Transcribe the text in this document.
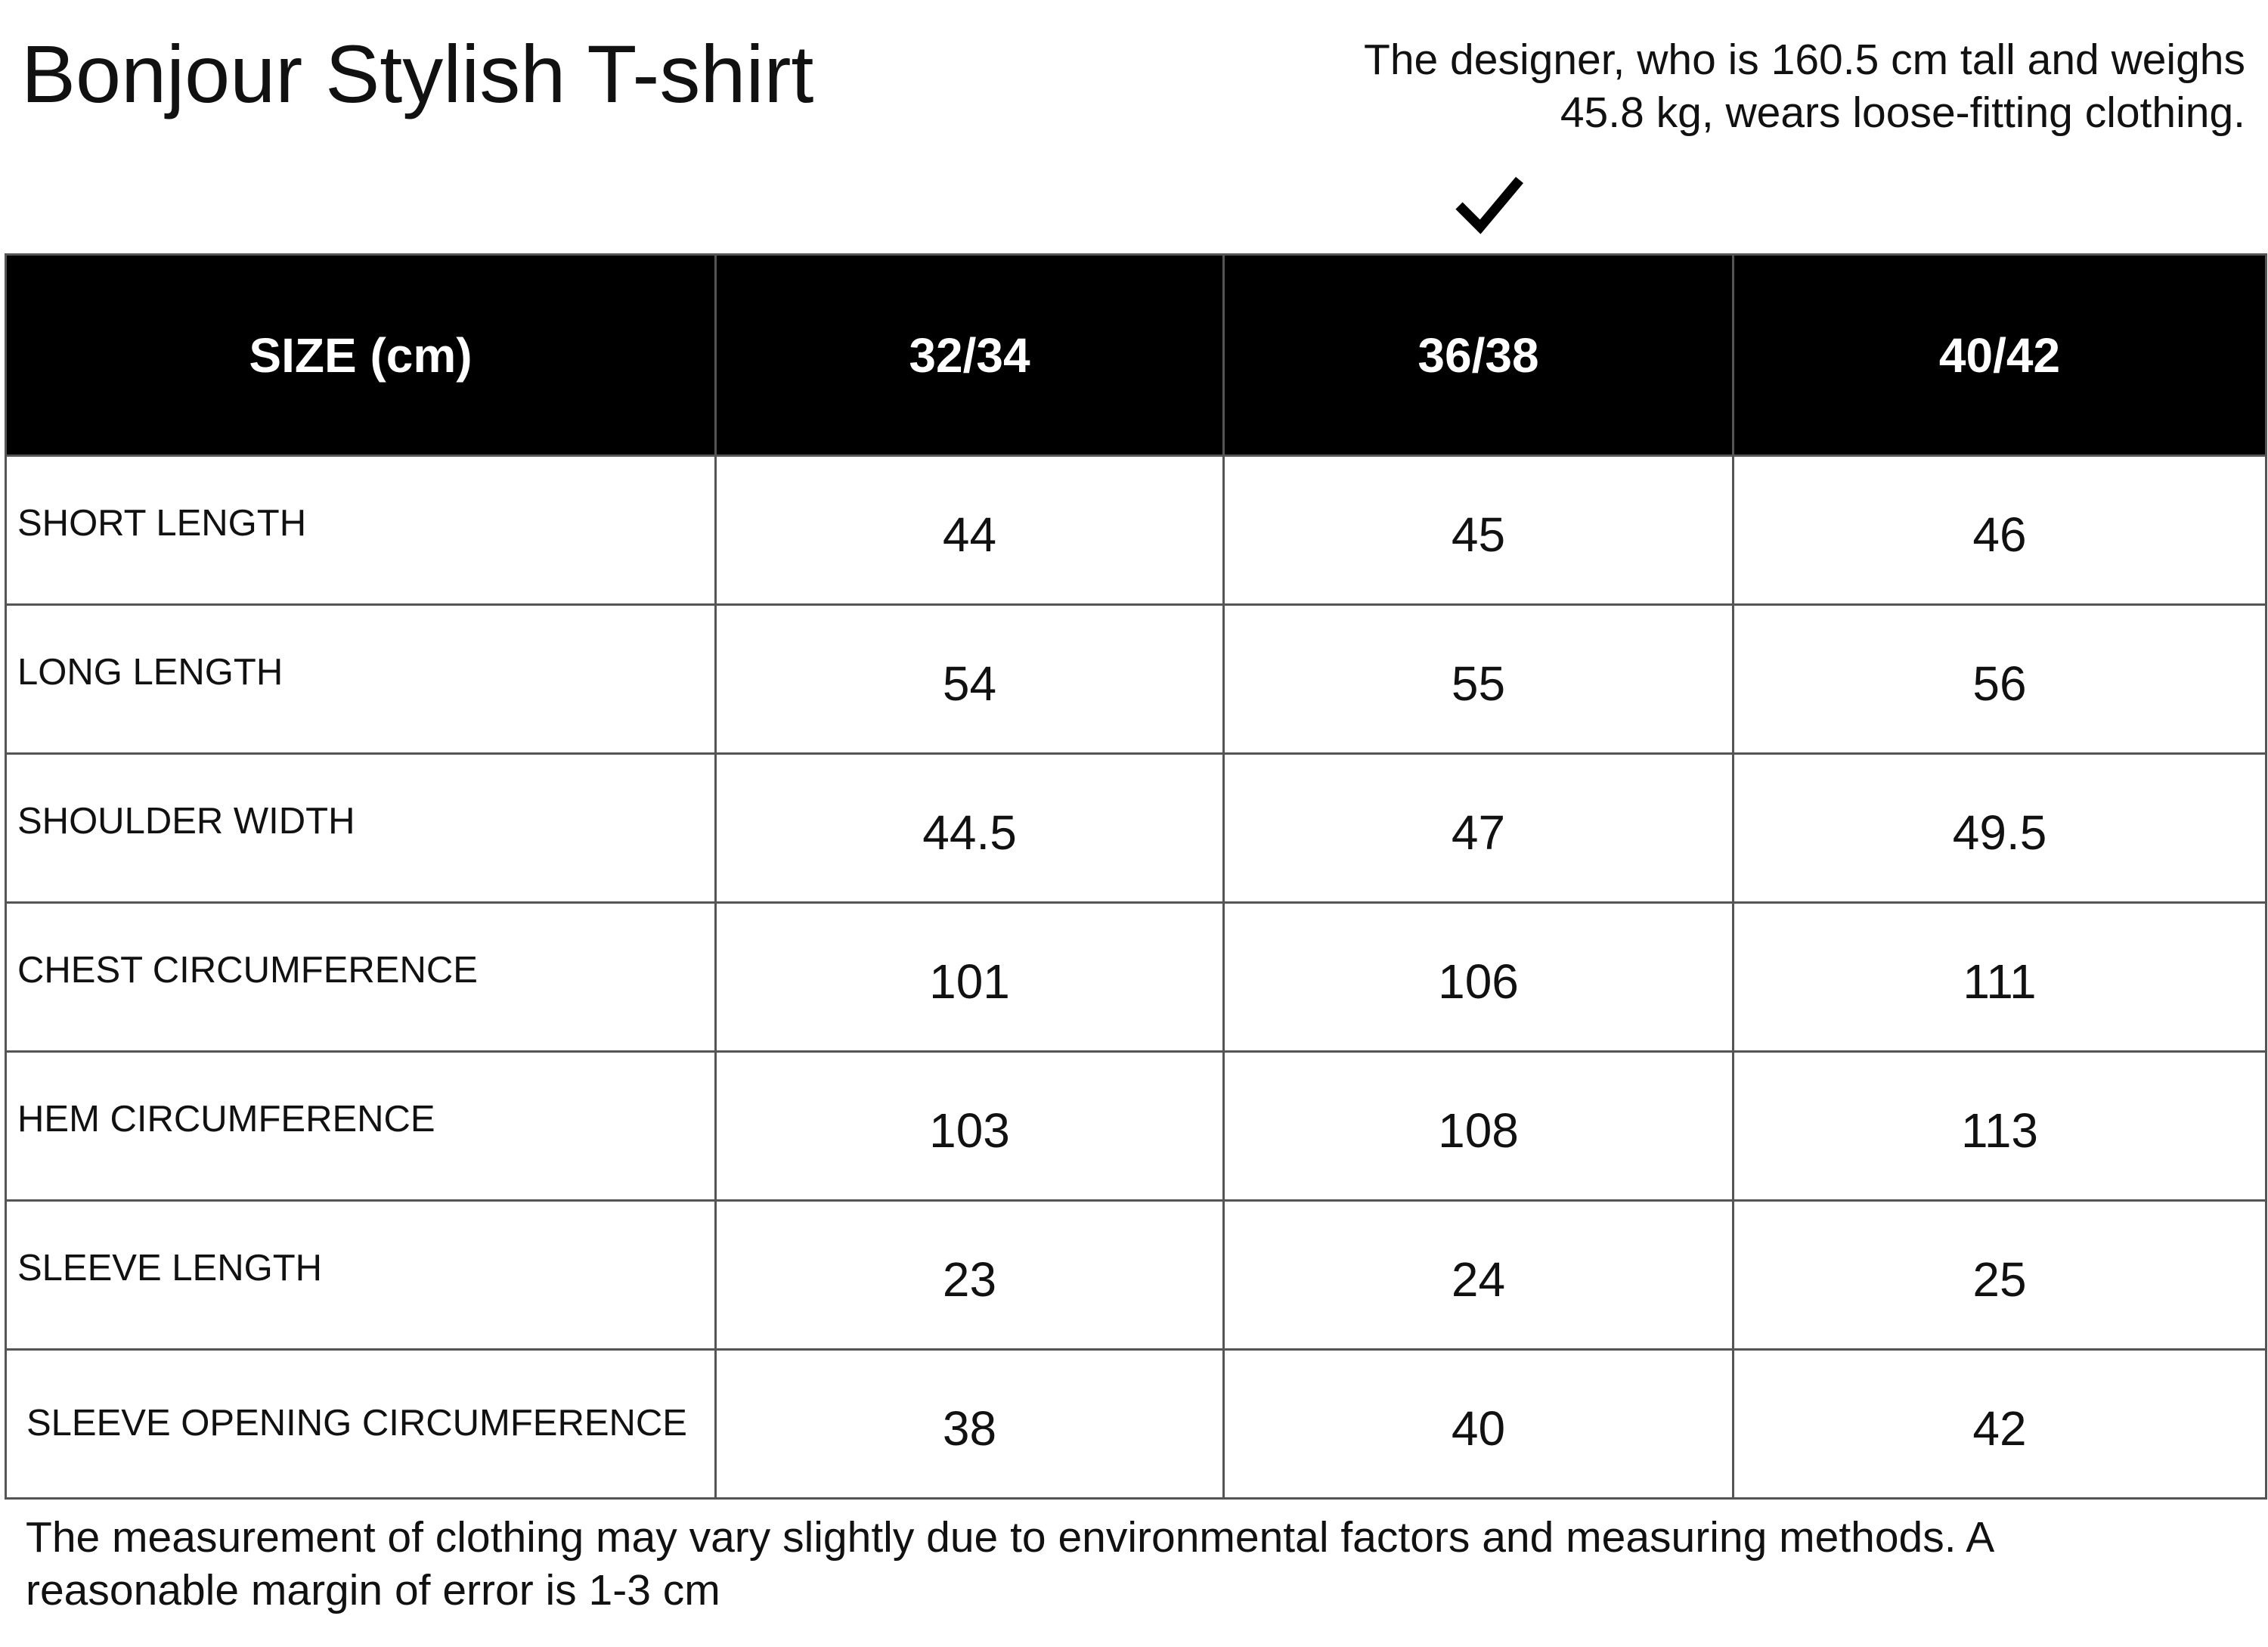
Bonjour Stylish T-shirt	The designer, who is 160.5 cm tall and weighs
45.8 kg, wears loose-fitting clothing.
SIZE (cm)	32/34	36/38	40/42
SHORT LENGTH	44	45	46
LONG LENGTH	54	55	56
SHOULDER WIDTH	44.5	47	49.5
CHEST CIRCUMFERENCE	101	106	111
HEM CIRCUMFERENCE	103	108	113
SLEEVE LENGTH	23	24	25
SLEEVE OPENING CIRCUMFERENCE	38	40	42
The measurement of clothing may vary slightly due to environmental factors and measuring methods. A
reasonable margin of error is 1-3 cm
